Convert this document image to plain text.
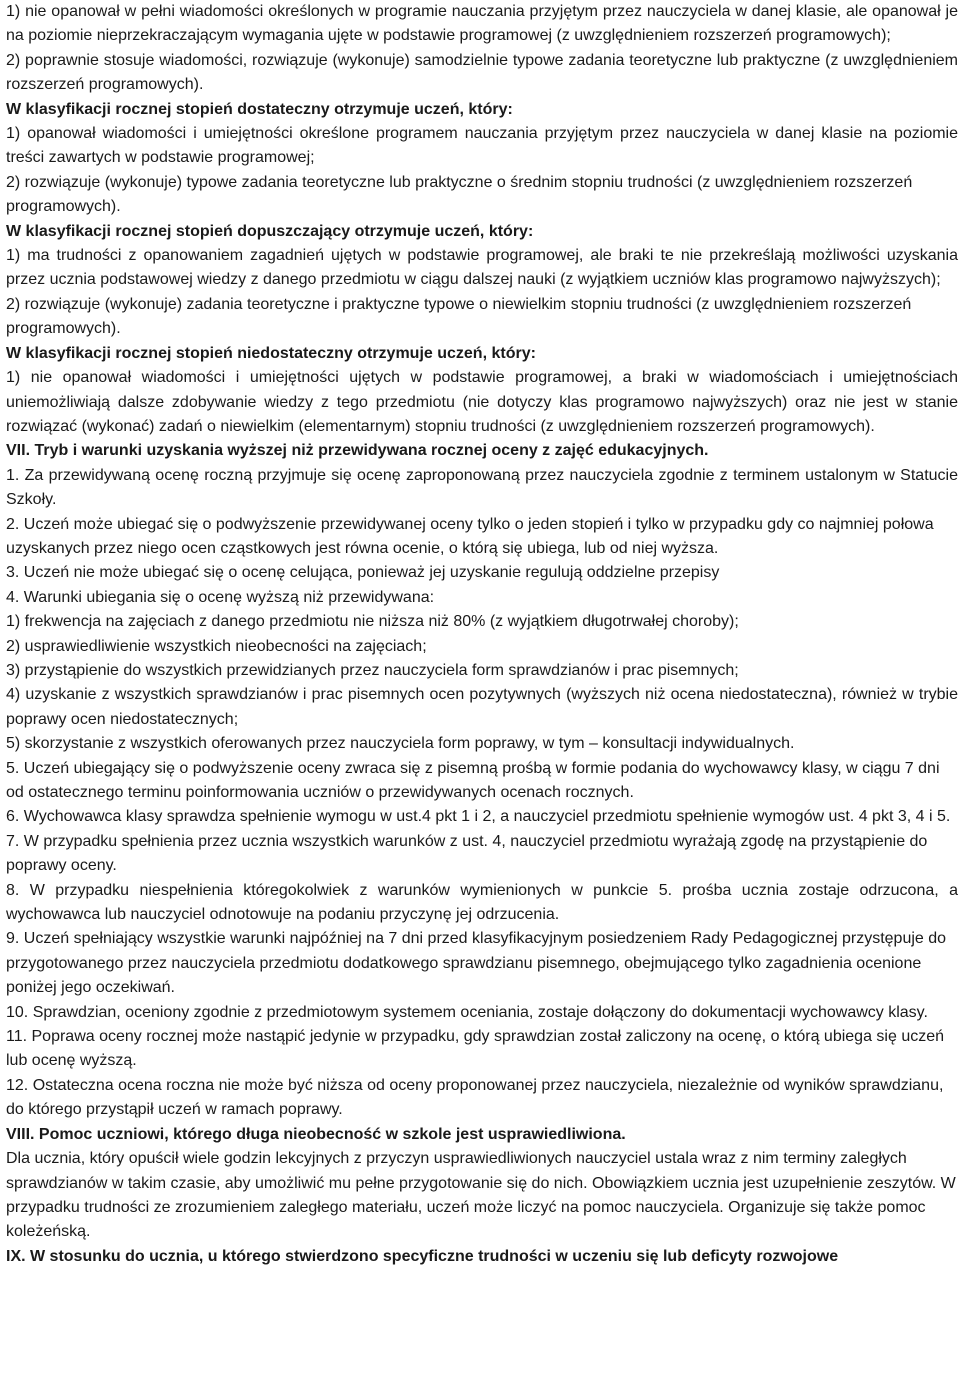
1) nie opanował w pełni wiadomości określonych w programie nauczania przyjętym przez nauczyciela w danej klasie, ale opanował je na poziomie nieprzekraczającym wymagania ujęte w podstawie programowej (z uwzględnieniem rozszerzeń programowych);

2) poprawnie stosuje wiadomości, rozwiązuje (wykonuje) samodzielnie typowe zadania teoretyczne lub praktyczne (z uwzględnieniem rozszerzeń programowych).

W klasyfikacji rocznej stopień dostateczny otrzymuje uczeń, który:

1) opanował wiadomości i umiejętności określone programem nauczania przyjętym przez nauczyciela w danej klasie na poziomie treści zawartych w podstawie programowej;

2) rozwiązuje (wykonuje) typowe zadania teoretyczne lub praktyczne o średnim stopniu trudności (z uwzględnieniem rozszerzeń programowych).

W klasyfikacji rocznej stopień dopuszczający otrzymuje uczeń, który:

1) ma trudności z opanowaniem zagadnień ujętych w podstawie programowej, ale braki te nie przekreślają możliwości uzyskania przez ucznia podstawowej wiedzy z danego przedmiotu w ciągu dalszej nauki (z wyjątkiem uczniów klas programowo najwyższych);

2) rozwiązuje (wykonuje) zadania teoretyczne i praktyczne typowe o niewielkim stopniu trudności (z uwzględnieniem rozszerzeń programowych).

W klasyfikacji rocznej stopień niedostateczny otrzymuje uczeń, który:

1) nie opanował wiadomości i umiejętności ujętych w podstawie programowej, a braki w wiadomościach i umiejętnościach uniemożliwiają dalsze zdobywanie wiedzy z tego przedmiotu (nie dotyczy klas programowo najwyższych) oraz nie jest w stanie rozwiązać (wykonać) zadań o niewielkim (elementarnym) stopniu trudności (z uwzględnieniem rozszerzeń programowych).

VII. Tryb i warunki uzyskania wyższej niż przewidywana rocznej oceny z zajęć edukacyjnych.

1. Za przewidywaną ocenę roczną przyjmuje się ocenę zaproponowaną przez nauczyciela zgodnie z terminem ustalonym w Statucie Szkoły.

2. Uczeń może ubiegać się o podwyższenie przewidywanej oceny tylko o jeden stopień i tylko w przypadku gdy co najmniej połowa uzyskanych przez niego ocen cząstkowych jest równa ocenie, o którą się ubiega, lub od niej wyższa.

3. Uczeń nie może ubiegać się o ocenę celująca, ponieważ jej uzyskanie regulują oddzielne przepisy

4. Warunki ubiegania się o ocenę wyższą niż przewidywana:

1) frekwencja na zajęciach z danego przedmiotu nie niższa niż 80% (z wyjątkiem długotrwałej choroby);

2) usprawiedliwienie wszystkich nieobecności na zajęciach;

3) przystąpienie do wszystkich przewidzianych przez nauczyciela form sprawdzianów i prac pisemnych;

4) uzyskanie z wszystkich sprawdzianów i prac pisemnych ocen pozytywnych (wyższych niż ocena niedostateczna), również w trybie poprawy ocen niedostatecznych;

5) skorzystanie z wszystkich oferowanych przez nauczyciela form poprawy, w tym – konsultacji indywidualnych.

5. Uczeń ubiegający się o podwyższenie oceny zwraca się z pisemną prośbą w formie podania do wychowawcy klasy, w ciągu 7 dni od ostatecznego terminu poinformowania uczniów o przewidywanych ocenach rocznych.

6. Wychowawca klasy sprawdza spełnienie wymogu w ust.4 pkt 1 i 2, a nauczyciel przedmiotu spełnienie wymogów ust. 4 pkt 3, 4 i 5.

7. W przypadku spełnienia przez ucznia wszystkich warunków z ust. 4, nauczyciel przedmiotu wyrażają zgodę na przystąpienie do poprawy oceny.

8. W przypadku niespełnienia któregokolwiek z warunków wymienionych w punkcie 5. prośba ucznia zostaje odrzucona, a wychowawca lub nauczyciel odnotowuje na podaniu przyczynę jej odrzucenia.

9. Uczeń spełniający wszystkie warunki najpóźniej na 7 dni przed klasyfikacyjnym posiedzeniem Rady Pedagogicznej przystępuje do przygotowanego przez nauczyciela przedmiotu dodatkowego sprawdzianu pisemnego, obejmującego tylko zagadnienia ocenione poniżej jego oczekiwań.

10. Sprawdzian, oceniony zgodnie z przedmiotowym systemem oceniania, zostaje dołączony do dokumentacji wychowawcy klasy.

11. Poprawa oceny rocznej może nastąpić jedynie w przypadku, gdy sprawdzian został zaliczony na ocenę, o którą ubiega się uczeń lub ocenę wyższą.

12. Ostateczna ocena roczna nie może być niższa od oceny proponowanej przez nauczyciela, niezależnie od wyników sprawdzianu, do którego przystąpił uczeń w ramach poprawy.

VIII. Pomoc uczniowi, którego długa nieobecność w szkole jest usprawiedliwiona.

Dla ucznia, który opuścił wiele godzin lekcyjnych z przyczyn usprawiedliwionych nauczyciel ustala wraz z nim terminy zaległych sprawdzianów w takim czasie, aby umożliwić mu pełne przygotowanie się do nich. Obowiązkiem ucznia jest uzupełnienie zeszytów. W przypadku trudności ze zrozumieniem zaległego materiału, uczeń może liczyć na pomoc nauczyciela. Organizuje się także pomoc koleżeńską.

IX. W stosunku do ucznia, u którego stwierdzono specyficzne trudności w uczeniu się lub deficyty rozwojowe
